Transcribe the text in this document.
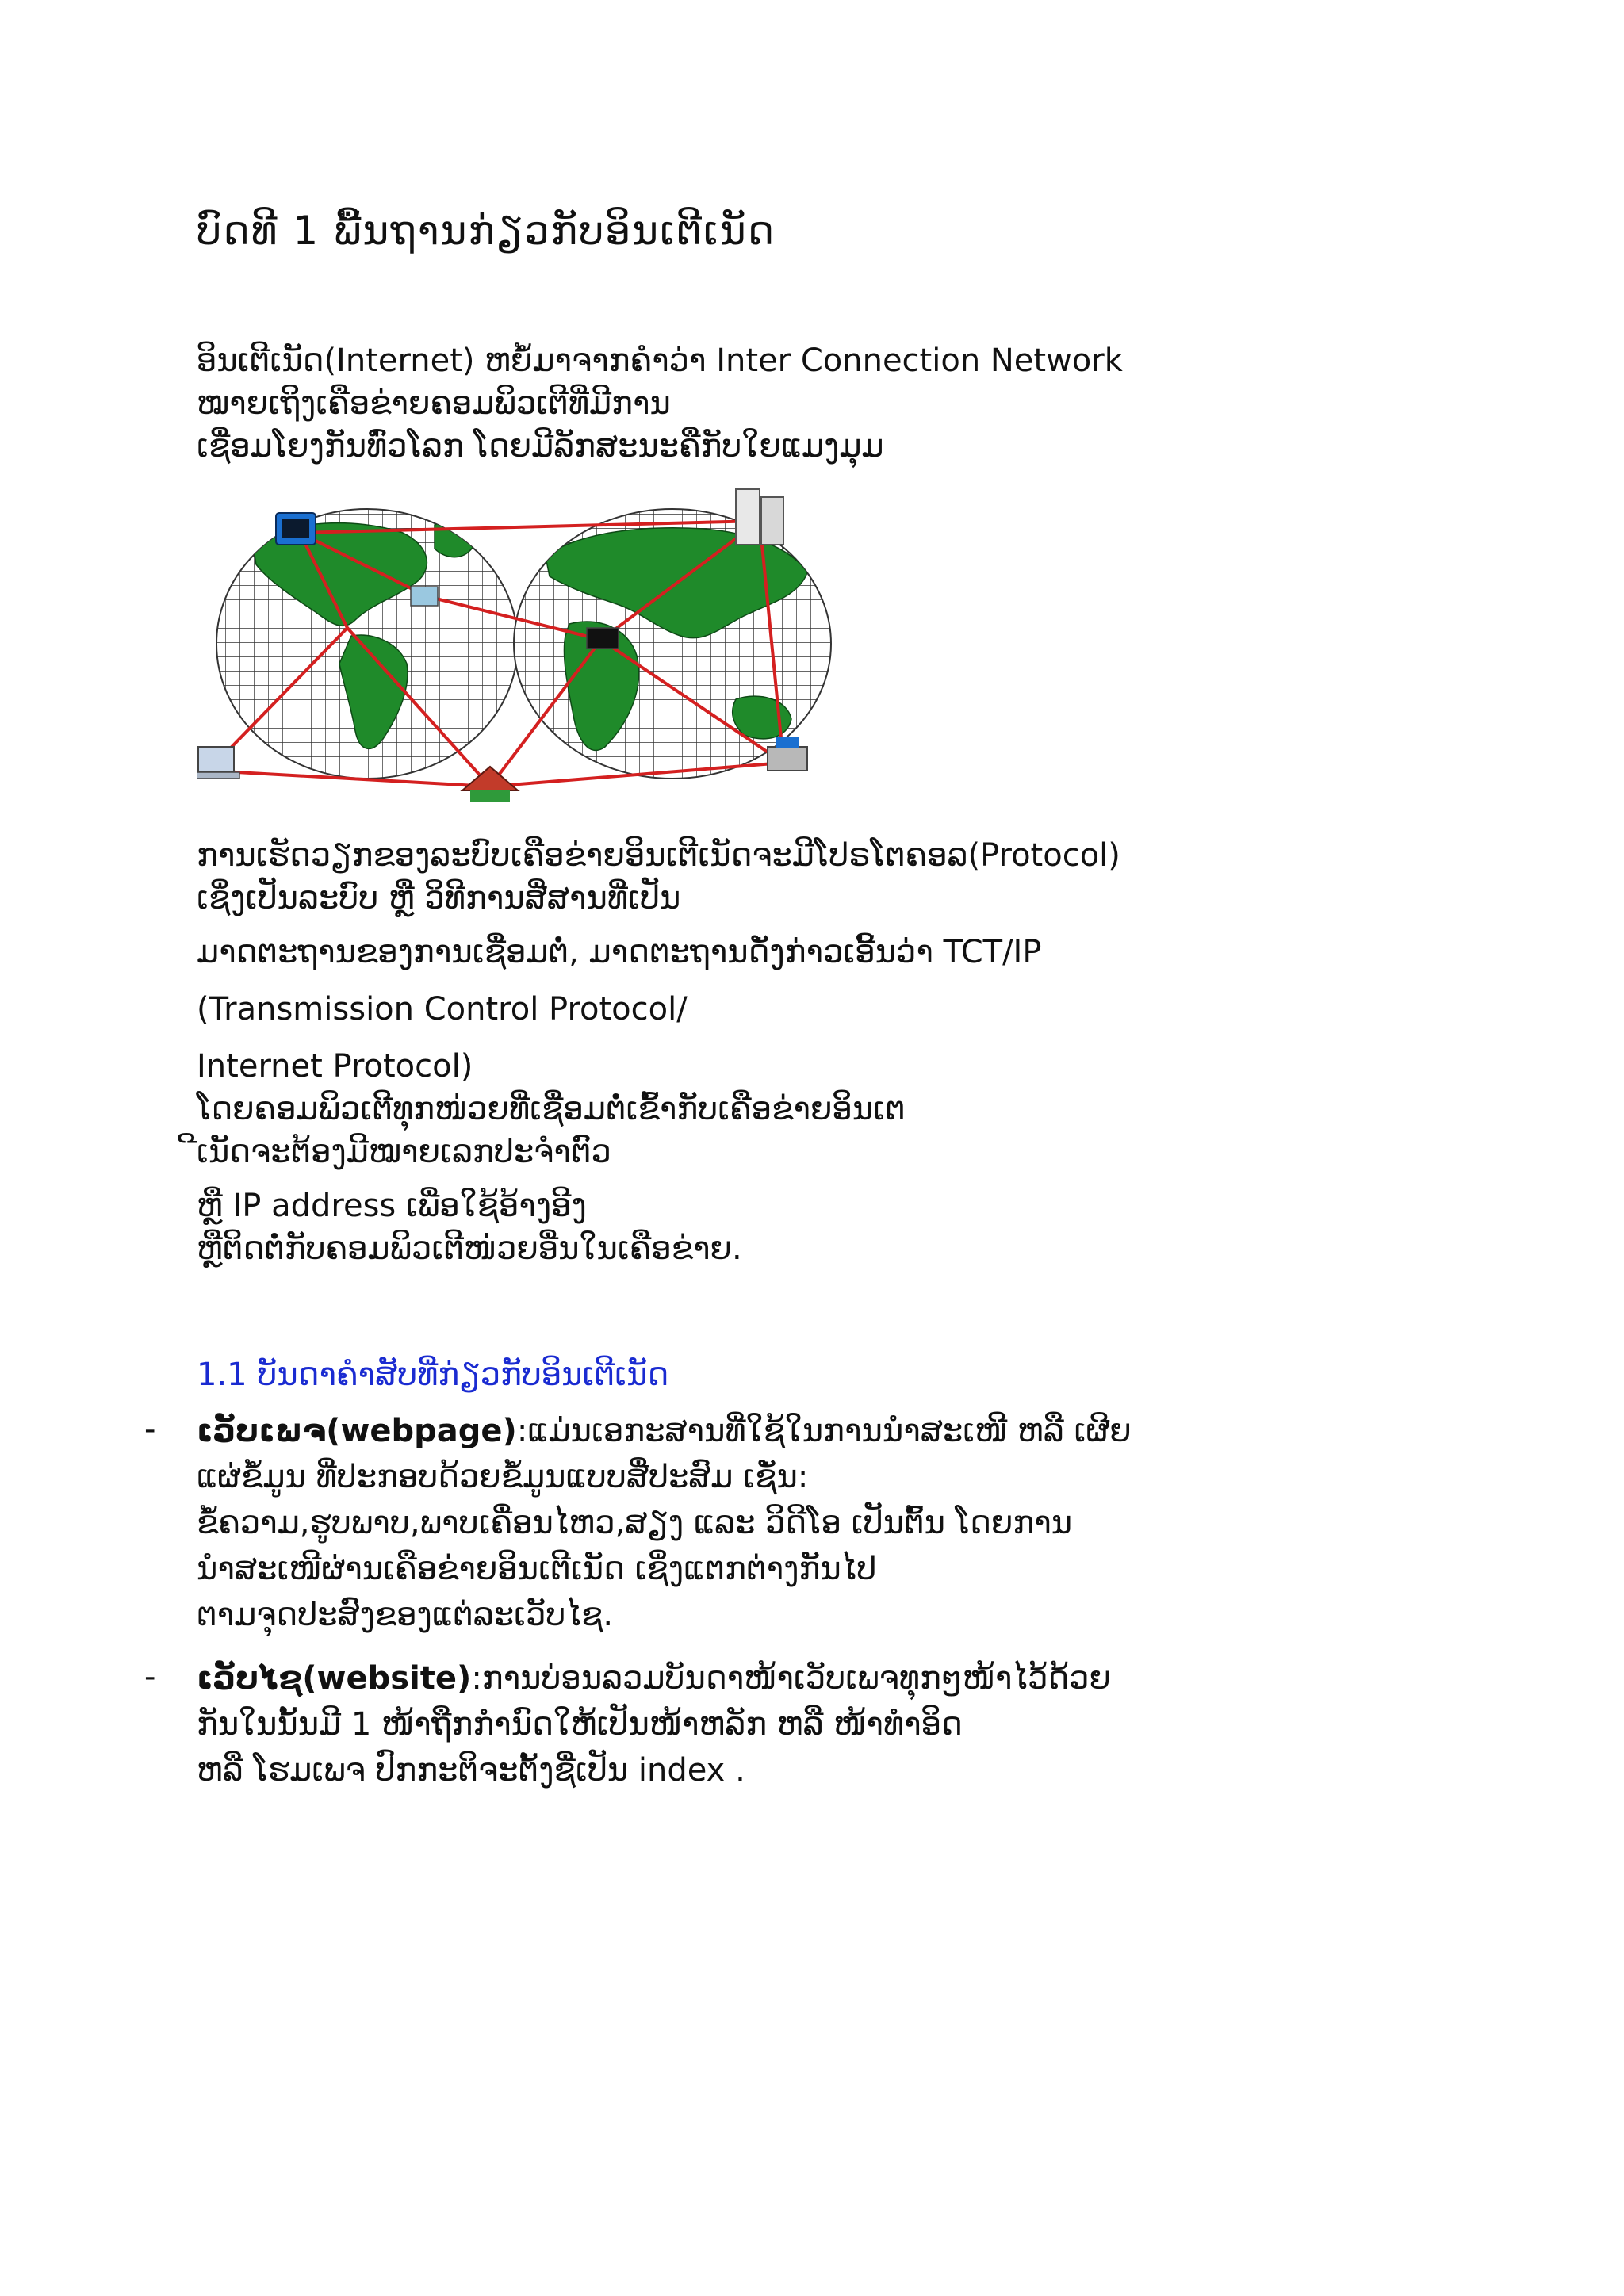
ບົດທີ 1 ພື້ນຖານກ່ຽວກັບອິນເຕີເນັດ
ອິນເຕີເນັດ(Internet) ຫຍໍ້ມາຈາກຄຳວ່າ Inter Connection Network
ໝາຍເຖິງເຄືອຂ່າຍຄອມພິວເຕີທີ່ມີການ
ເຊື່ອມໂຍງກັນທົ່ວໂລກ ໂດຍມີລັກສະນະຄືກັບໃຍແມງມຸມ
ການເຮັດວຽກຂອງລະບົບເຄືອຂ່າຍອິນເຕີເນັດຈະມີໂປຣໂຕຄອລ(Protocol)
ເຊິ່ງເປັນລະບົບ ຫຼື ວິທີການສື່ສານທີ່ເປັນ
ມາດຕະຖານຂອງການເຊື່ອມຕໍ່, ມາດຕະຖານດັ່ງກ່າວເອີ້ນວ່າ TCT/IP
(Transmission Control Protocol/
Internet Protocol)
ໂດຍຄອມພິວເຕີທຸກໜ່ວຍທີ່ເຊື່ອມຕໍ່ເຂົ້າກັບເຄືອຂ່າຍອິນເຕ
ີເນັດຈະຕ້ອງມີໝາຍເລກປະຈຳຕົວ
ຫຼື IP address ເພື່ອໃຊ້ອ້າງອີງ
ຫຼືຕິດຕໍ່ກັບຄອມພິວເຕີໜ່ວຍອື່ນໃນເຄືອຂ່າຍ.
1.1 ບັນດາຄຳສັບທີ່ກ່ຽວກັບອິນເຕີເນັດ
- ເວັບເພຈ(webpage):ແມ່ນເອກະສານທີ່ໃຊ້ໃນການນຳສະເໜີ ຫລື ເຜີຍ
ແຜ່ຂໍ້ມູນ ທີ່ປະກອບດ້ວຍຂໍ້ມູນແບບສື່ປະສົມ ເຊັ່ນ:
ຂໍ້ຄວາມ,ຮູບພາບ,ພາບເຄື່ອນໄຫວ,ສຽງ ແລະ ວິດີໂອ ເປັນຕົ້ນ ໂດຍການ
ນຳສະເໜີຜ່ານເຄືອຂ່າຍອິນເຕີເນັດ ເຊິ່ງແຕກຕ່າງກັນໄປ
ຕາມຈຸດປະສົງຂອງແຕ່ລະເວັບໄຊ.
- ເວັບໄຊ(website):ການບ່ອນລວມບັນດາໜ້າເວັບເພຈທຸກໆໜ້າໄວ້ດ້ວຍ
ກັນໃນນັ້ນມີ 1 ໜ້າຖືກກຳນົດໃຫ້ເປັນໜ້າຫລັກ ຫລື ໜ້າທຳອິດ
ຫລື ໂຮມເພຈ ປົກກະຕິຈະຕັ້ງຊື່ເປັນ index .
